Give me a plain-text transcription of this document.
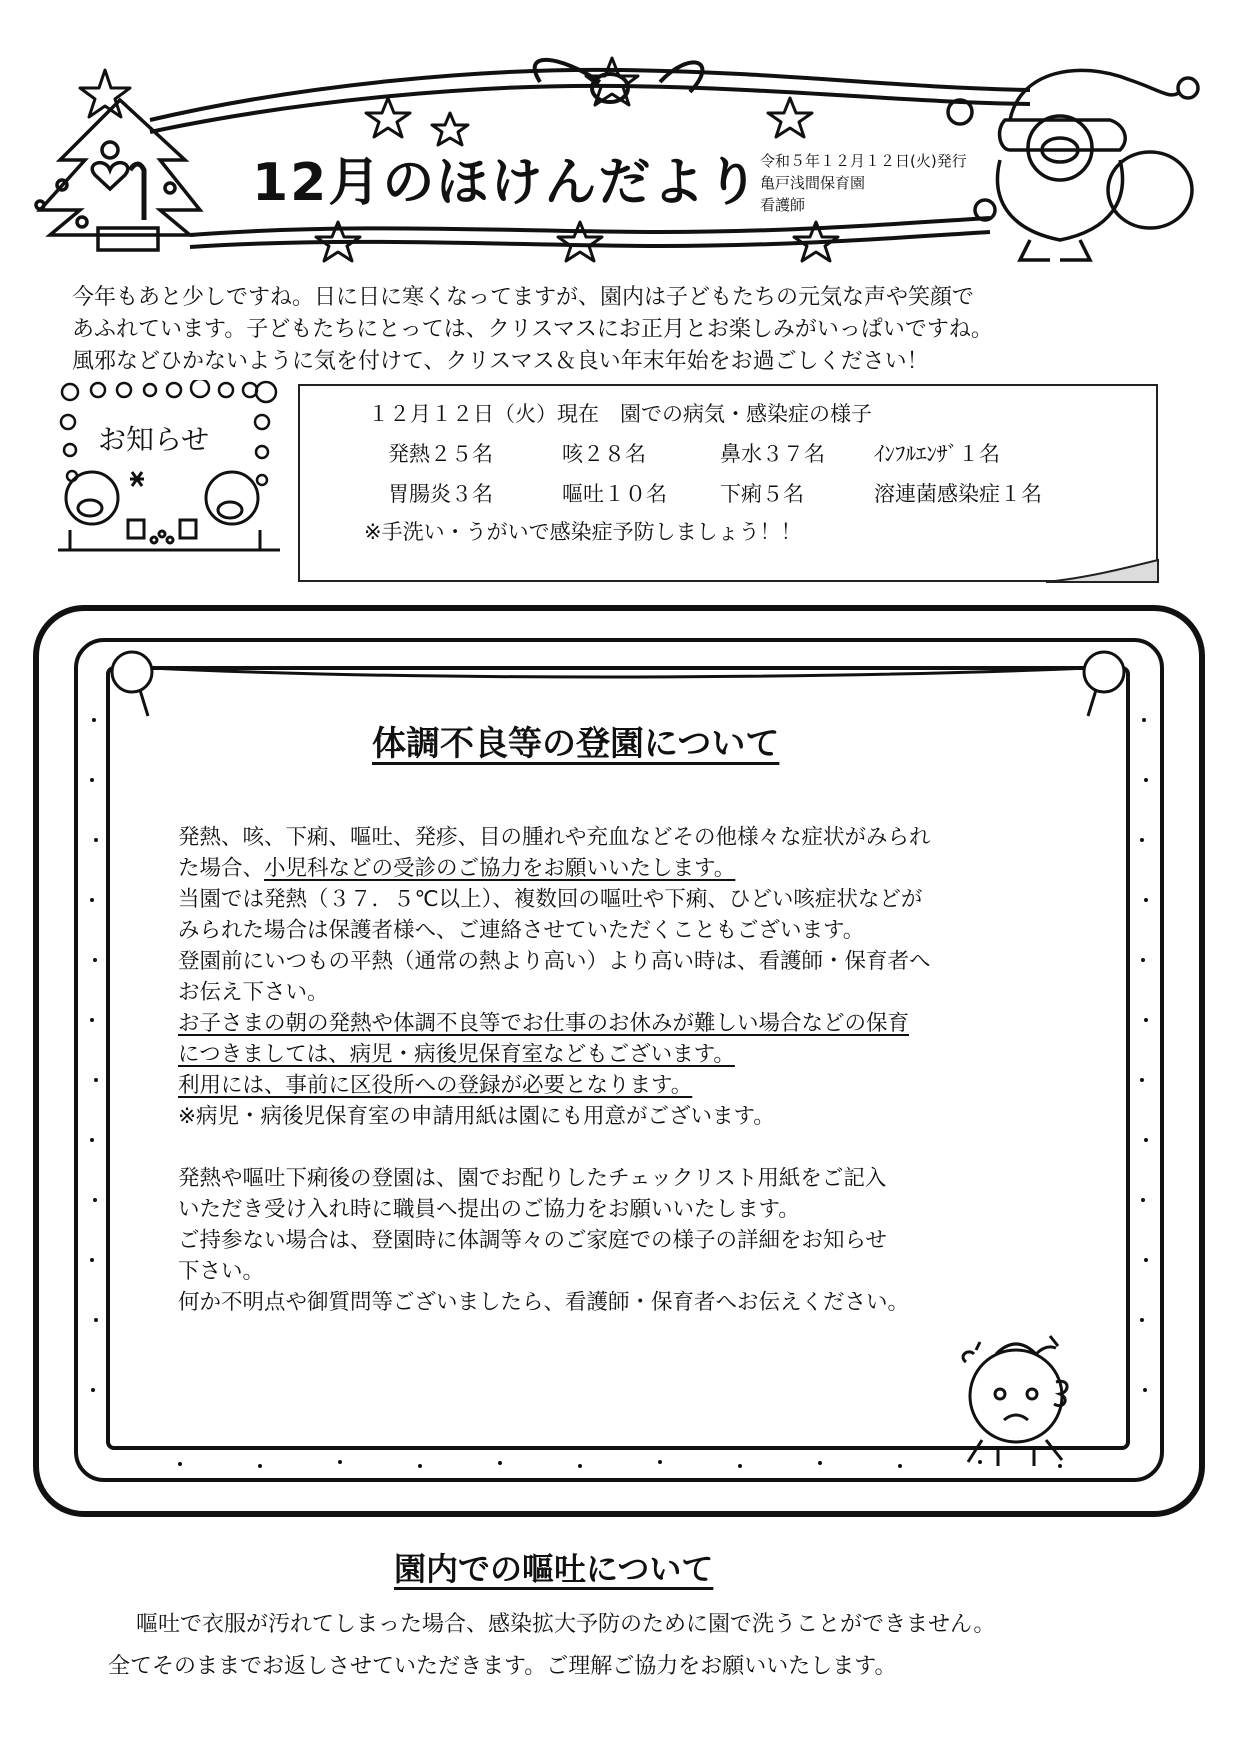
12月のほけんだより 令和５年１２月１２日(火)発行
亀戸浅間保育園
看護師

今年もあと少しですね。日に日に寒くなってますが、園内は子どもたちの元気な声や笑顔で

あふれています。子どもたちにとっては、クリスマスにお正月とお楽しみがいっぱいですね。

風邪などひかないように気を付けて、クリスマス＆良い年末年始をお過ごしください！

お知らせ
１２月１２日（火）現在　園での病気・感染症の様子
発熱２５名	咳２８名	鼻水３７名 ｲﾝﾌﾙｴﾝｻﾞ１名
胃腸炎３名	嘔吐１０名	下痢５名	溶連菌感染症１名
※手洗い・うがいで感染症予防しましょう！！
体調不良等の登園について

発熱、咳、下痢、嘔吐、発疹、目の腫れや充血などその他様々な症状がみられ

た場合、小児科などの受診のご協力をお願いいたします。

当園では発熱（３７．５℃以上）、複数回の嘔吐や下痢、ひどい咳症状などが

みられた場合は保護者様へ、ご連絡させていただくこともございます。

登園前にいつもの平熱（通常の熱より高い）より高い時は、看護師・保育者へ

お伝え下さい。

お子さまの朝の発熱や体調不良等でお仕事のお休みが難しい場合などの保育

につきましては、病児・病後児保育室などもございます。

利用には、事前に区役所への登録が必要となります。

※病児・病後児保育室の申請用紙は園にも用意がございます。

発熱や嘔吐下痢後の登園は、園でお配りしたチェックリスト用紙をご記入

いただき受け入れ時に職員へ提出のご協力をお願いいたします。

ご持参ない場合は、登園時に体調等々のご家庭での様子の詳細をお知らせ

下さい。

何か不明点や御質問等ございましたら、看護師・保育者へお伝えください。

園内での嘔吐について

嘔吐で衣服が汚れてしまった場合、感染拡大予防のために園で洗うことができません。

全てそのままでお返しさせていただきます。ご理解ご協力をお願いいたします。
